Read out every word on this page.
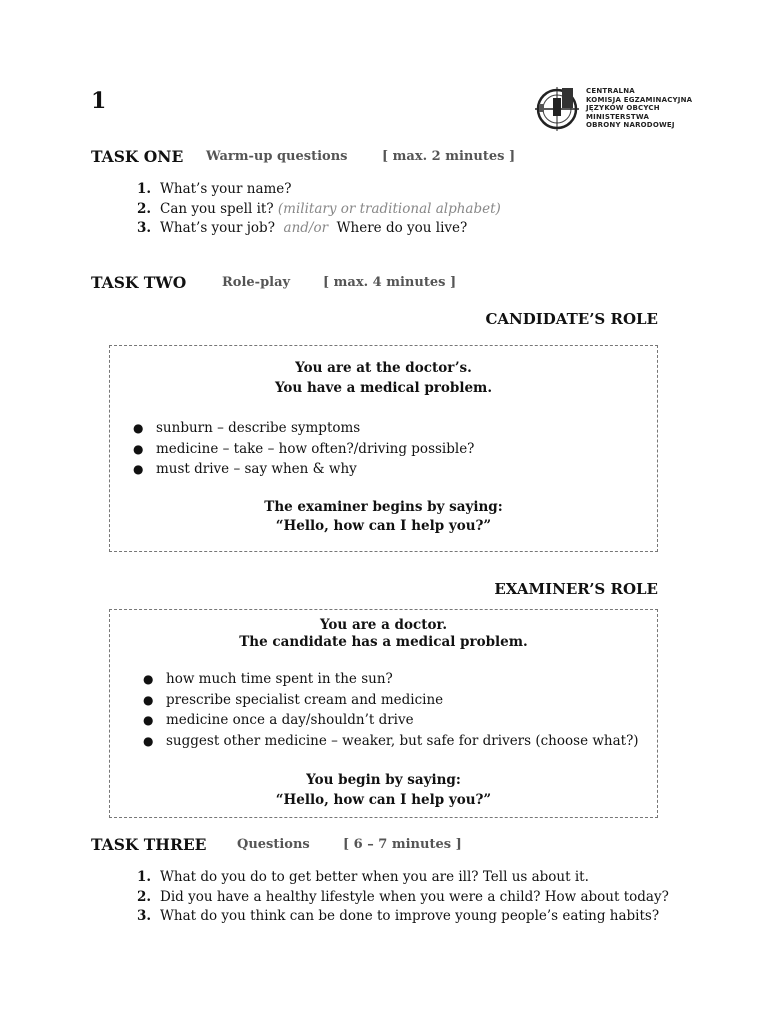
1	CENTRALNA
KOMISJA EGZAMINACYJNA
JĘZYKÓW OBCYCH
MINISTERSTWA
OBRONY NARODOWEJ
TASK ONE Warm-up questions	[ max. 2 minutes ]
1. What’s your name?
2. Can you spell it? (military or traditional alphabet)
3. What’s your job? and/or Where do you live?
TASK TWO	Role-play	[ max. 4 minutes ]
CANDIDATE’S ROLE
You are at the doctor’s.
You have a medical problem.
● sunburn – describe symptoms
● medicine – take – how often?/driving possible?
● must drive – say when & why
The examiner begins by saying:
“Hello, how can I help you?”
EXAMINER’S ROLE
You are a doctor.
The candidate has a medical problem.
● how much time spent in the sun?
● prescribe specialist cream and medicine
● medicine once a day/shouldn’t drive
● suggest other medicine – weaker, but safe for drivers (choose what?)
You begin by saying:
“Hello, how can I help you?”
TASK THREE Questions	[ 6 – 7 minutes ]
1. What do you do to get better when you are ill? Tell us about it.
2. Did you have a healthy lifestyle when you were a child? How about today?
3. What do you think can be done to improve young people’s eating habits?
